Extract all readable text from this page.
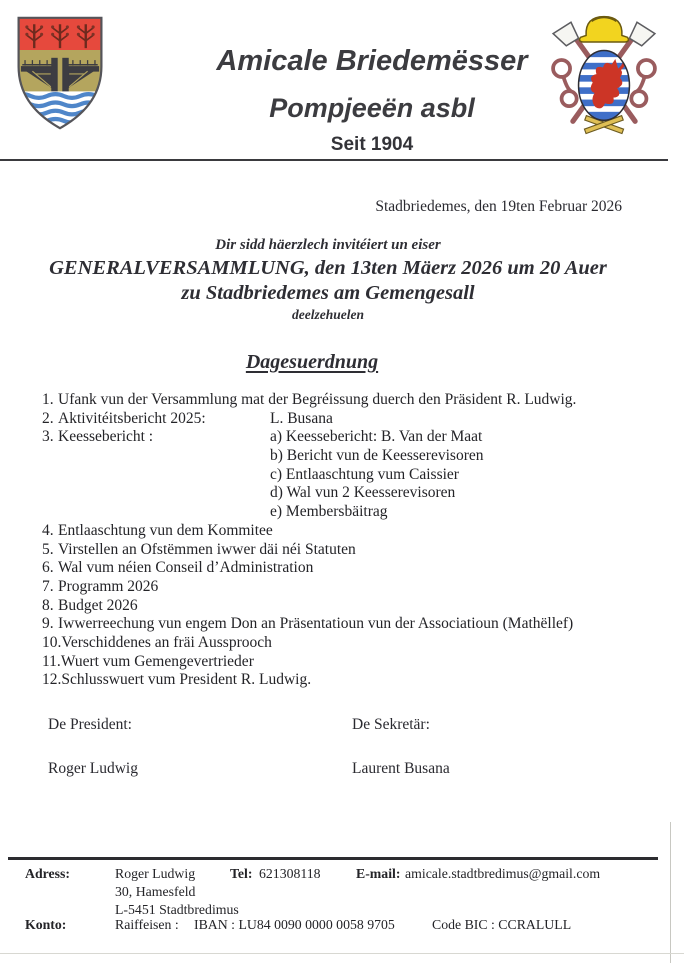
Amicale Briedemësser
Pompjeeën asbl
Seit 1904
Stadbriedemes, den 19ten Februar 2026
Dir sidd häerzlech invitéiert un eiser
GENERALVERSAMMLUNG, den 13ten Mäerz 2026 um 20 Auer
zu Stadbriedemes am Gemengesall
deelzehuelen
Dagesuerdnung
1. Ufank vun der Versammlung mat der Begréissung duerch den Präsident R. Ludwig.
2. Aktivitéitsbericht 2025:	L. Busana
3. Keessebericht :	a) Keessebericht: B. Van der Maat
b) Bericht vun de Keesserevisoren
c) Entlaaschtung vum Caissier
d) Wal vun 2 Keesserevisoren
e) Membersbäitrag
4. Entlaaschtung vun dem Kommitee
5. Virstellen an Ofstëmmen iwwer däi néi Statuten
6. Wal vum néien Conseil d’Administration
7. Programm 2026
8. Budget 2026
9. Iwwerreechung vun engem Don an Präsentatioun vun der Associatioun (Mathëllef)
10.Verschiddenes an fräi Aussprooch
11.Wuert vum Gemengevertrieder
12.Schlusswuert vum President R. Ludwig.
De President:	De Sekretär:
Roger Ludwig	Laurent Busana
Adress:	Roger Ludwig	Tel: 621308118	E-mail: amicale.stadtbredimus@gmail.com
30, Hamesfeld
L-5451 Stadtbredimus
Konto:	Raiffeisen : IBAN : LU84 0090 0000 0058 9705	Code BIC : CCRALULL
